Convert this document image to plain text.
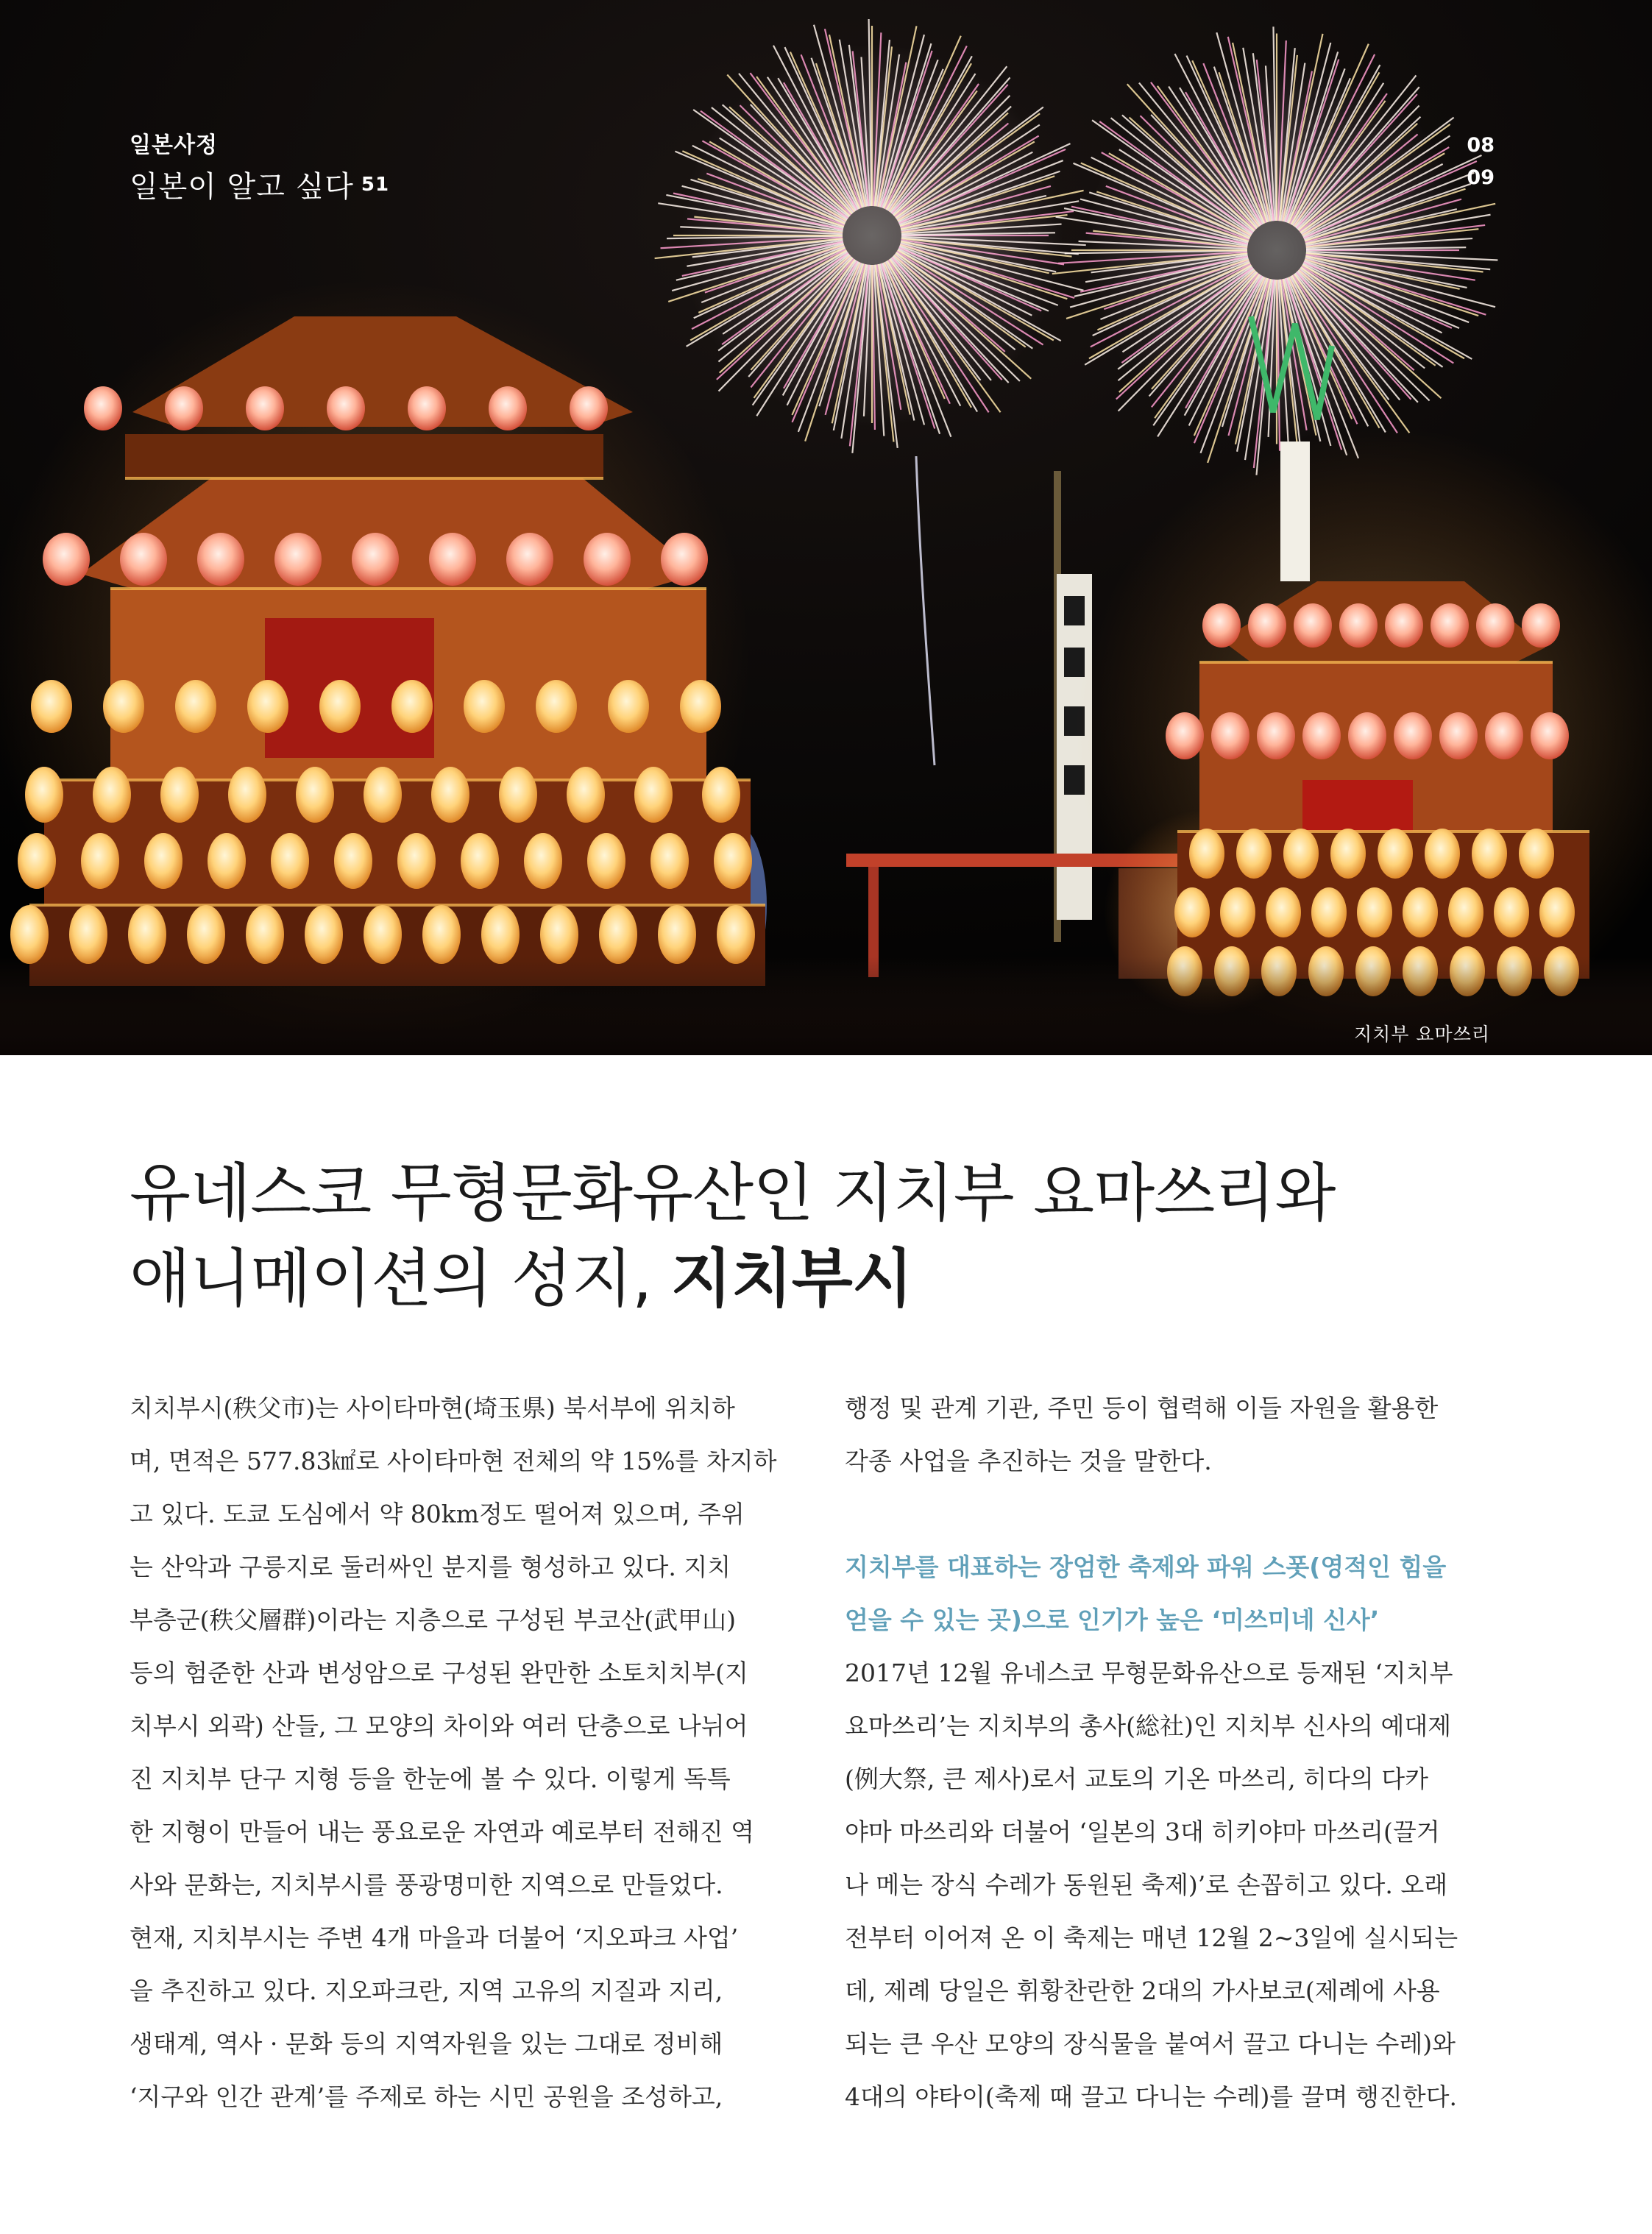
일본사정
일본이 알고 싶다 $^{51}$
08
09
지치부 요마쓰리
유네스코 무형문화유산인 지치부 요마쓰리와
애니메이션의 성지, 지치부시

치치부시(秩父市)는 사이타마현(埼玉県) 북서부에 위치하
며, 면적은 577.83㎢로 사이타마현 전체의 약 15%를 차지하
고 있다. 도쿄 도심에서 약 80km정도 떨어져 있으며, 주위
는 산악과 구릉지로 둘러싸인 분지를 형성하고 있다. 지치
부층군(秩父層群)이라는 지층으로 구성된 부코산(武甲山)
등의 험준한 산과 변성암으로 구성된 완만한 소토치치부(지
치부시 외곽) 산들, 그 모양의 차이와 여러 단층으로 나뉘어
진 지치부 단구 지형 등을 한눈에 볼 수 있다. 이렇게 독특
한 지형이 만들어 내는 풍요로운 자연과 예로부터 전해진 역
사와 문화는, 지치부시를 풍광명미한 지역으로 만들었다.
현재, 지치부시는 주변 4개 마을과 더불어 ‘지오파크 사업’
을 추진하고 있다. 지오파크란, 지역 고유의 지질과 지리,
생태계, 역사 · 문화 등의 지역자원을 있는 그대로 정비해
‘지구와 인간 관계’를 주제로 하는 시민 공원을 조성하고,

행정 및 관계 기관, 주민 등이 협력해 이들 자원을 활용한
각종 사업을 추진하는 것을 말한다.

지치부를 대표하는 장엄한 축제와 파워 스폿(영적인 힘을
얻을 수 있는 곳)으로 인기가 높은 ‘미쓰미네 신사’

2017년 12월 유네스코 무형문화유산으로 등재된 ‘지치부
요마쓰리’는 지치부의 총사(総社)인 지치부 신사의 예대제
(例大祭, 큰 제사)로서 교토의 기온 마쓰리, 히다의 다카
야마 마쓰리와 더불어 ‘일본의 3대 히키야마 마쓰리(끌거
나 메는 장식 수레가 동원된 축제)’로 손꼽히고 있다. 오래
전부터 이어져 온 이 축제는 매년 12월 2~3일에 실시되는
데, 제례 당일은 휘황찬란한 2대의 가사보코(제례에 사용
되는 큰 우산 모양의 장식물을 붙여서 끌고 다니는 수레)와
4대의 야타이(축제 때 끌고 다니는 수레)를 끌며 행진한다.
